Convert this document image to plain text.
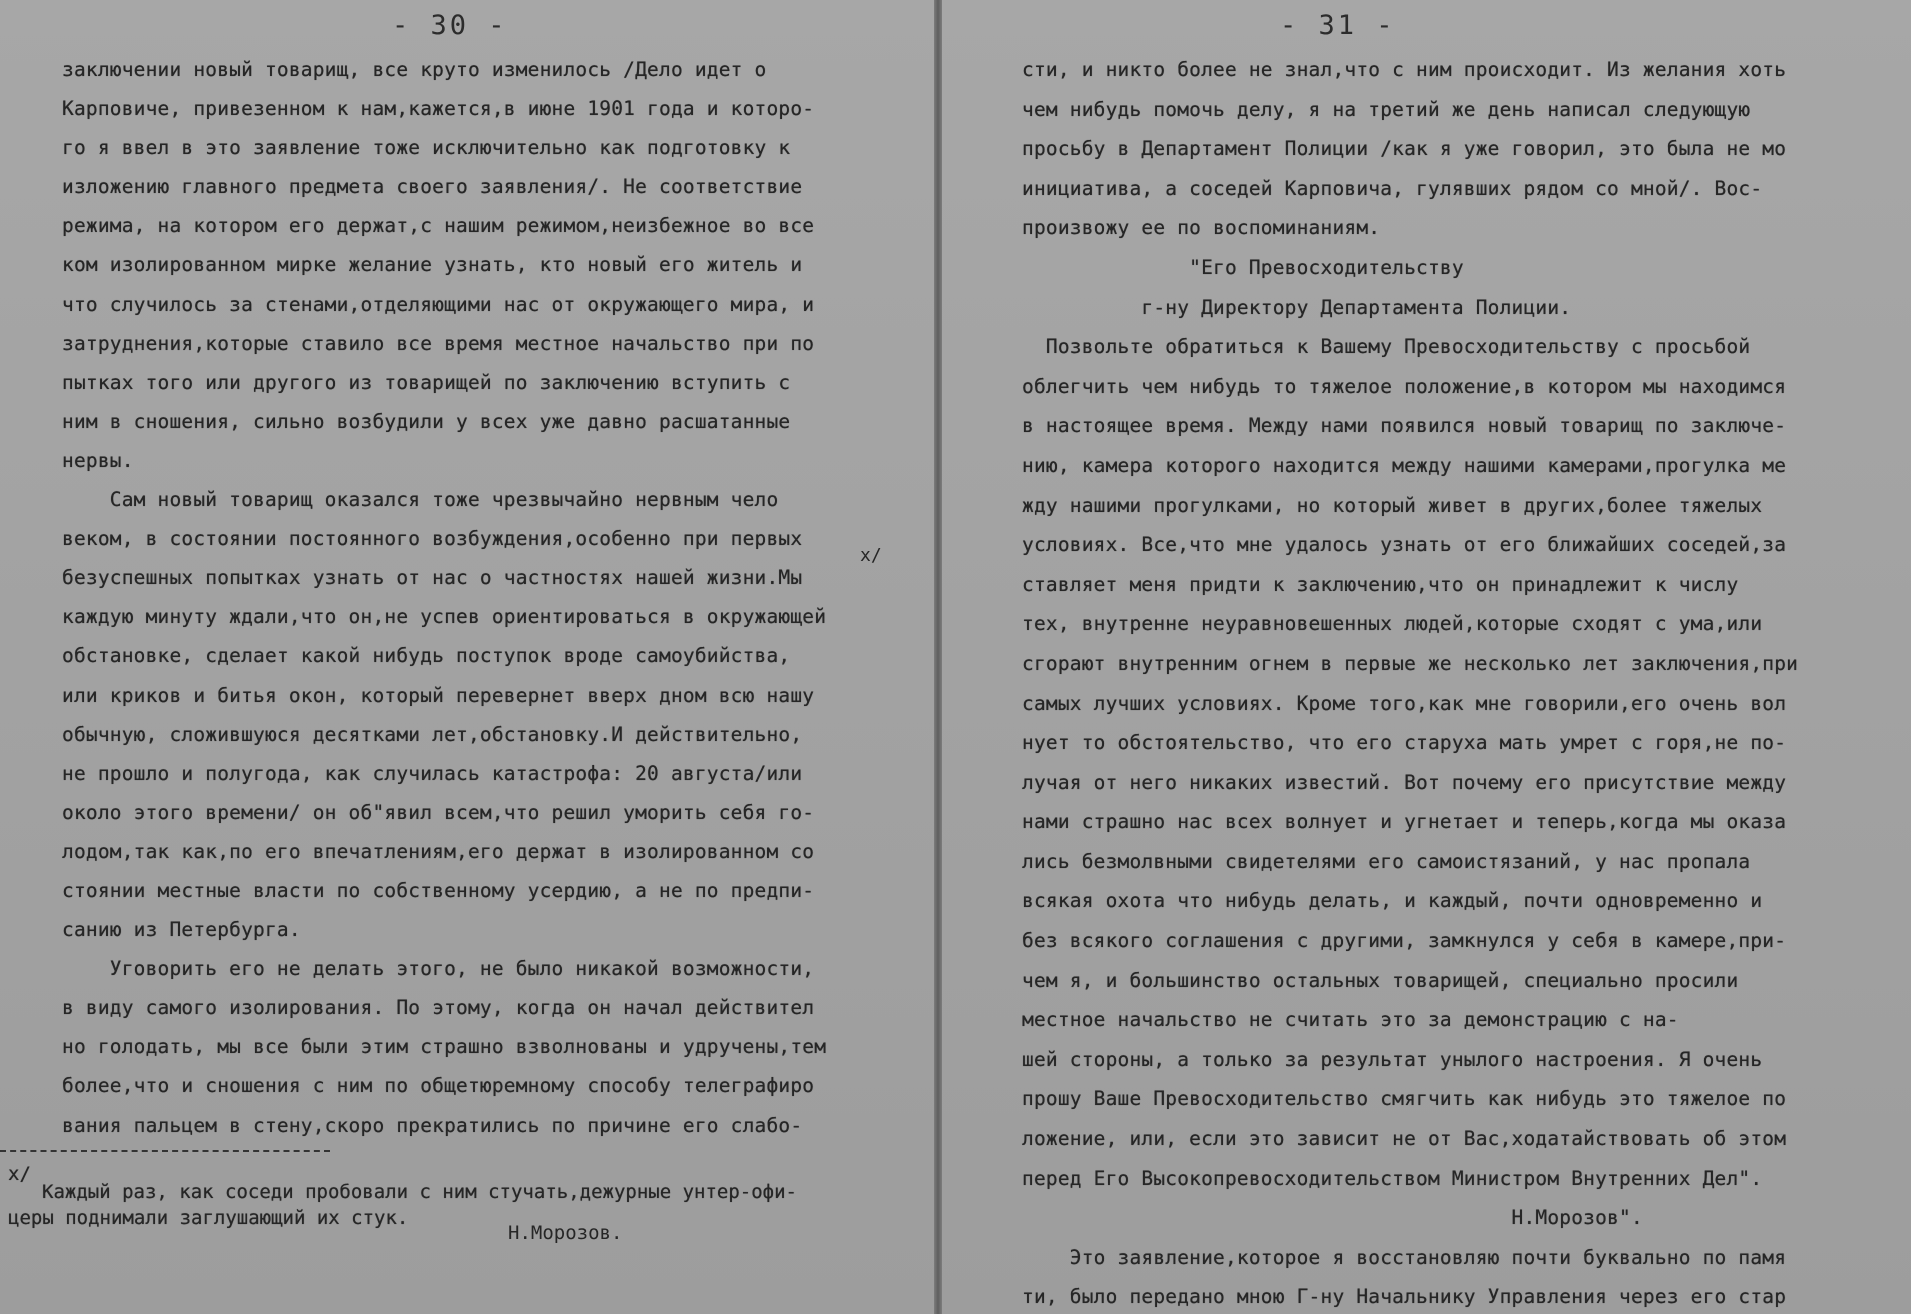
- 30 -
заключении новый товарищ, все круто изменилось /Дело идет о
Карповиче, привезенном к нам,кажется,в июне 1901 года и которо-
го я ввел в это заявление тоже исключительно как подготовку к
изложению главного предмета своего заявления/. Не соответствие
режима, на котором его держат,с нашим режимом,неизбежное во все
ком изолированном мирке желание узнать, кто новый его житель и
что случилось за стенами,отделяющими нас от окружающего мира, и
затруднения,которые ставило все время местное начальство при по
пытках того или другого из товарищей по заключению вступить с
ним в сношения, сильно возбудили у всех уже давно расшатанные
нервы.
Сам новый товарищ оказался тоже чрезвычайно нервным чело
веком, в состоянии постоянного возбуждения,особенно при первых
безуспешных попытках узнать от нас о частностях нашей жизни.Мы
каждую минуту ждали,что он,не успев ориентироваться в окружающей
обстановке, сделает какой нибудь поступок вроде самоубийства,
или криков и битья окон, который перевернет вверх дном всю нашу
обычную, сложившуюся десятками лет,обстановку.И действительно,
не прошло и полугода, как случилась катастрофа: 20 августа/или
около этого времени/ он об"явил всем,что решил уморить себя го-
лодом,так как,по его впечатлениям,его держат в изолированном со
стоянии местные власти по собственному усердию, а не по предпи-
санию из Петербурга.
Уговорить его не делать этого, не было никакой возможности,
в виду самого изолирования. По этому, когда он начал действител
но голодать, мы все были этим страшно взволнованы и удручены,тем
более,что и сношения с ним по общетюремному способу телеграфиро
вания пальцем в стену,скоро прекратились по причине его слабо-
x/
x/
Каждый раз, как соседи пробовали с ним стучать,дежурные унтер-офи-
церы поднимали заглушающий их стук.
Н.Морозов.
- 31 -
сти, и никто более не знал,что с ним происходит. Из желания хоть
чем нибудь помочь делу, я на третий же день написал следующую
просьбу в Департамент Полиции /как я уже говорил, это была не мо
инициатива, а соседей Карповича, гулявших рядом со мной/. Вос-
произвожу ее по воспоминаниям.
"Его Превосходительству
г-ну Директору Департамента Полиции.
Позвольте обратиться к Вашему Превосходительству с просьбой
облегчить чем нибудь то тяжелое положение,в котором мы находимся
в настоящее время. Между нами появился новый товарищ по заключе-
нию, камера которого находится между нашими камерами,прогулка ме
жду нашими прогулками, но который живет в других,более тяжелых
условиях. Все,что мне удалось узнать от его ближайших соседей,за
ставляет меня придти к заключению,что он принадлежит к числу
тех, внутренне неуравновешенных людей,которые сходят с ума,или
сгорают внутренним огнем в первые же несколько лет заключения,при
самых лучших условиях. Кроме того,как мне говорили,его очень вол
нует то обстоятельство, что его старуха мать умрет с горя,не по-
лучая от него никаких известий. Вот почему его присутствие между
нами страшно нас всех волнует и угнетает и теперь,когда мы оказа
лись безмолвными свидетелями его самоистязаний, у нас пропала
всякая охота что нибудь делать, и каждый, почти одновременно и
без всякого соглашения с другими, замкнулся у себя в камере,при-
чем я, и большинство остальных товарищей, специально просили
местное начальство не считать это за демонстрацию с на-
шей стороны, а только за результат унылого настроения. Я очень
прошу Ваше Превосходительство смягчить как нибудь это тяжелое по
ложение, или, если это зависит не от Вас,ходатайствовать об этом
перед Его Высокопревосходительством Министром Внутренних Дел".
Н.Морозов".
Это заявление,которое я восстановляю почти буквально по памя
ти, было передано мною Г-ну Начальнику Управления через его стар
